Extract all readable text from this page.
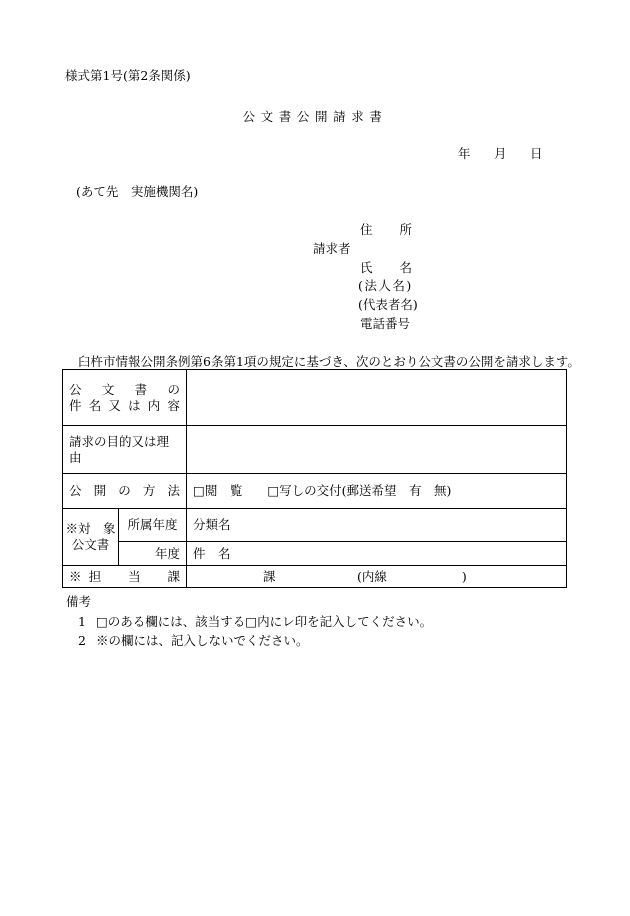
様式第1号(第2条関係)
公文書公開請求書
年 月 日
(あて先　実施機関名)
請求者
住　所
氏　名
(法人名)
(代表者名)
電話番号
臼杵市情報公開条例第6条第1項の規定に基づき、次のとおり公文書の公開を請求します。
公文書の
件名又は内容		

請求の目的又は理由		

公開の方法		□閲　覧　　□写しの交付(郵送希望　有　無)

※対　象
公文書	所属年度	分類名
	年度	件　名

※担　当　課		課 (内線　　　　　　)
備考
1 □のある欄には、該当する□内にレ印を記入してください。
2 ※の欄には、記入しないでください。
